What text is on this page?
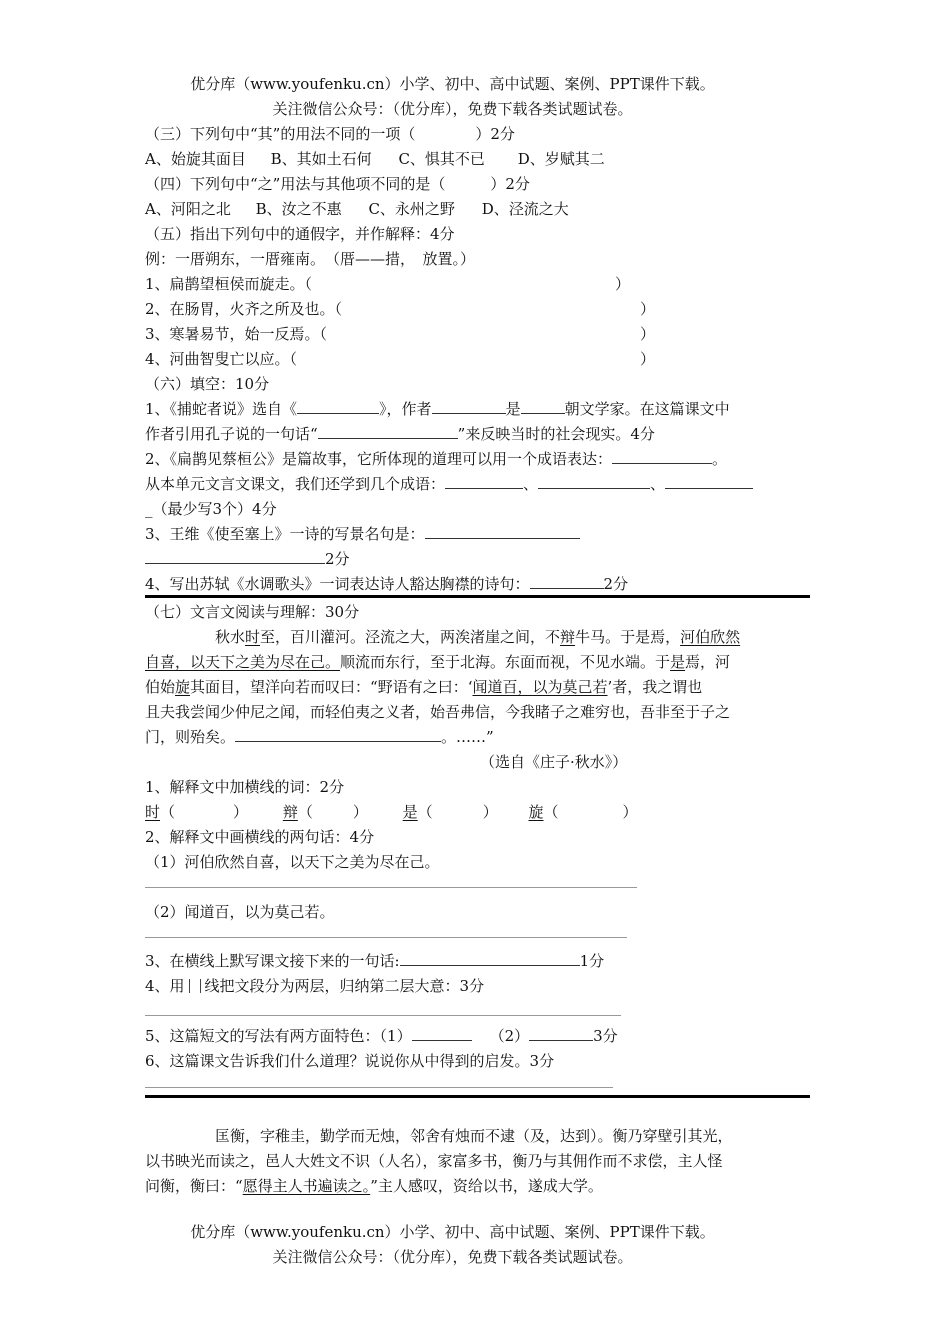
优分库（www.youfenku.cn）小学、初中、高中试题、案例、PPT课件下载。
关注微信公众号：（优分库），免费下载各类试题试卷。
（三）下列句中“其”的用法不同的一项（　　　　）2分
A、始旋其面目 B、其如土石何 C、惧其不已 D、岁赋其二
（四）下列句中“之”用法与其他项不同的是（　　　）2分
A、河阳之北 B、汝之不惠 C、永州之野 D、泾流之大
（五）指出下列句中的通假字，并作解释：4分
例：一厝朔东，一厝雍南。　（厝——措，　放置。）
1、扁鹊望桓侯而旋走。（	）
2、在肠胃，火齐之所及也。（	）
3、寒暑易节，始一反焉。（	）
4、河曲智叟亡以应。（	）
（六）填空：10分
1、《捕蛇者说》选自《	》，作者	是	朝文学家。在这篇课文中
作者引用孔子说的一句话“	”来反映当时的社会现实。4分
2、《扁鹊见蔡桓公》是篇故事，它所体现的道理可以用一个成语表达：	。
从本单元文言文课文，我们还学到几个成语：	、	、
_（最少写3个）4分
3、王维《使至塞上》一诗的写景名句是：
2分
4、写出苏轼《水调歌头》一词表达诗人豁达胸襟的诗句：	2分
（七）文言文阅读与理解：30分
秋水时至，百川灌河。泾流之大，两涘渚崖之间，不辩牛马。于是焉，河伯欣然
自喜，以天下之美为尽在己。顺流而东行，至于北海。东面而视，不见水端。于是焉，河
伯始旋其面目，望洋向若而叹曰：“野语有之曰：‘闻道百，以为莫己若’者，我之谓也
且夫我尝闻少仲尼之闻，而轻伯夷之义者，始吾弗信，今我睹子之难穷也，吾非至于子之
门，则殆矣。	。……”
（选自《庄子·秋水》）
1、解释文中加横线的词：2分
时（	） 辩（	） 是（	） 旋（	）
2、解释文中画横线的两句话：4分
（1）河伯欣然自喜，以天下之美为尽在己。
（2）闻道百，以为莫己若。
3、在横线上默写课文接下来的一句话:	1分
4、用 线把文段分为两层，归纳第二层大意：3分
5、这篇短文的写法有两方面特色：（1）	（2）	3分
6、这篇课文告诉我们什么道理？说说你从中得到的启发。3分
匡衡，字稚圭，勤学而无烛，邻舍有烛而不逮（及，达到）。衡乃穿壁引其光，
以书映光而读之，邑人大姓文不识（人名），家富多书，衡乃与其佣作而不求偿，主人怪
问衡，衡曰：“愿得主人书遍读之。”主人感叹，资给以书，遂成大学。
优分库（www.youfenku.cn）小学、初中、高中试题、案例、PPT课件下载。
关注微信公众号：（优分库），免费下载各类试题试卷。
